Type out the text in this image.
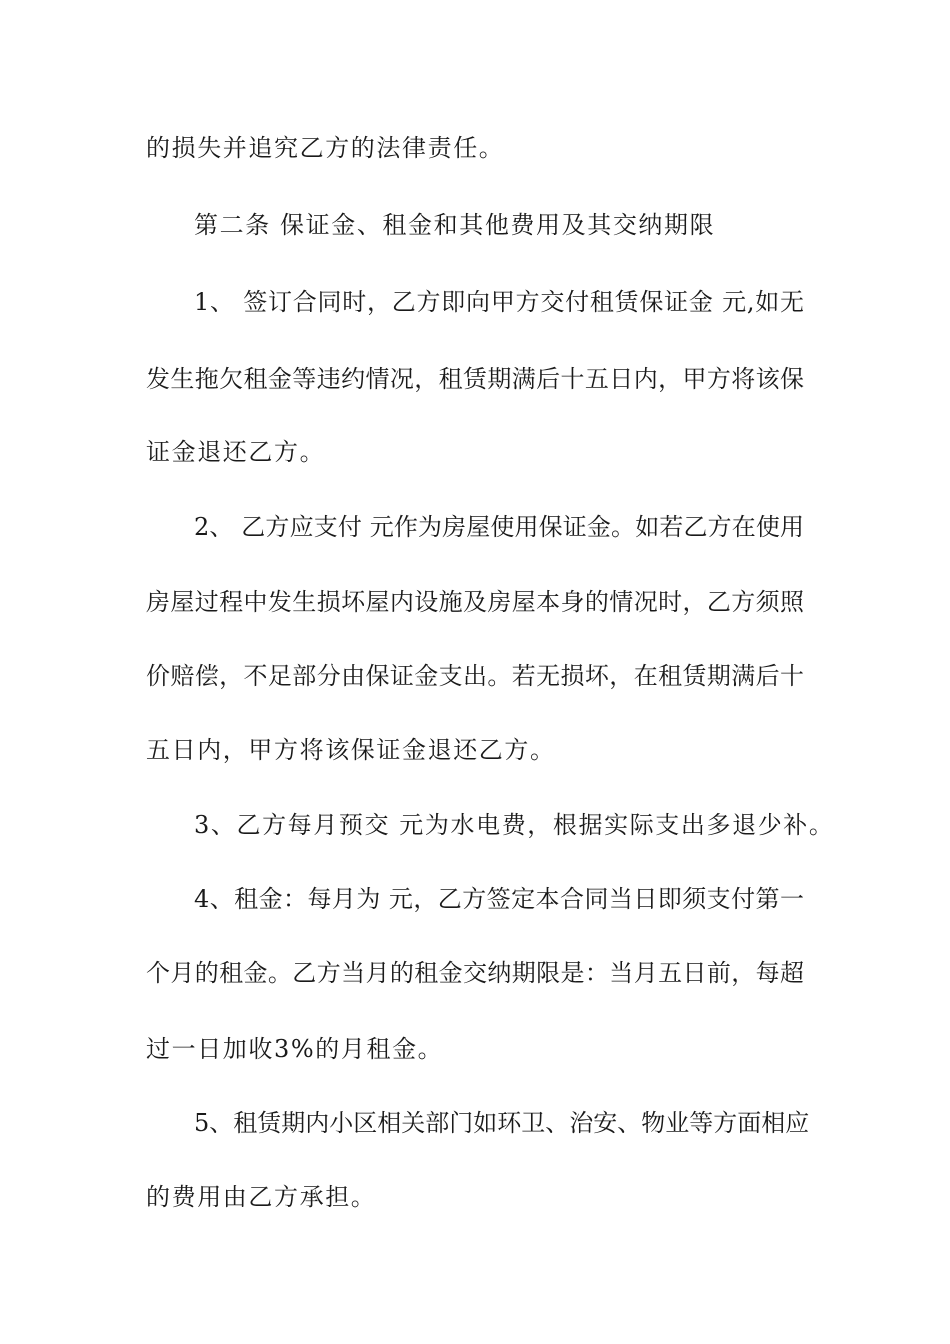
的损失并追究乙方的法律责任。
第二条 保证金、租金和其他费用及其交纳期限
1、 签订合同时，乙方即向甲方交付租赁保证金 元,如无
发生拖欠租金等违约情况，租赁期满后十五日内，甲方将该保
证金退还乙方。
2、 乙方应支付 元作为房屋使用保证金。如若乙方在使用
房屋过程中发生损坏屋内设施及房屋本身的情况时，乙方须照
价赔偿，不足部分由保证金支出。若无损坏，在租赁期满后十
五日内，甲方将该保证金退还乙方。
3、乙方每月预交 元为水电费，根据实际支出多退少补。
4、租金：每月为 元，乙方签定本合同当日即须支付第一
个月的租金。乙方当月的租金交纳期限是：当月五日前，每超
过一日加收3%的月租金。
5、租赁期内小区相关部门如环卫、治安、物业等方面相应
的费用由乙方承担。
